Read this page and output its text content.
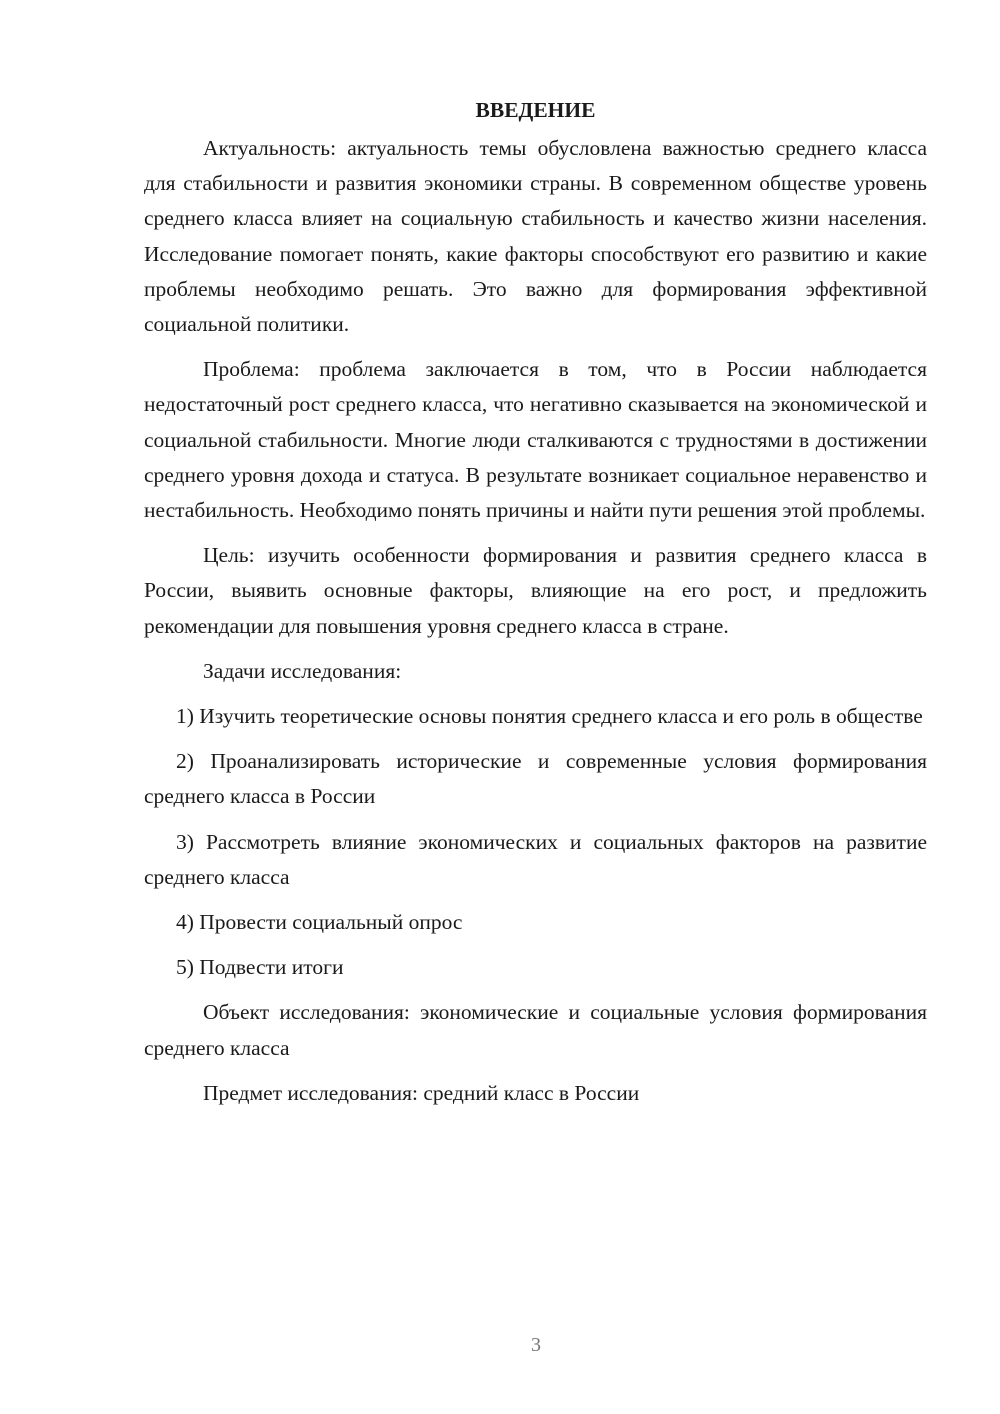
ВВЕДЕНИЕ

Актуальность: актуальность темы обусловлена важностью среднего класса для стабильности и развития экономики страны. В современном обществе уровень среднего класса влияет на социальную стабильность и качество жизни населения. Исследование помогает понять, какие факторы способствуют его развитию и какие проблемы необходимо решать. Это важно для формирования эффективной социальной политики.

Проблема: проблема заключается в том, что в России наблюдается недостаточный рост среднего класса, что негативно сказывается на экономической и социальной стабильности. Многие люди сталкиваются с трудностями в достижении среднего уровня дохода и статуса. В результате возникает социальное неравенство и нестабильность. Необходимо понять причины и найти пути решения этой проблемы.

Цель: изучить особенности формирования и развития среднего класса в России, выявить основные факторы, влияющие на его рост, и предложить рекомендации для повышения уровня среднего класса в стране.

Задачи исследования:

1) Изучить теоретические основы понятия среднего класса и его роль в обществе

2) Проанализировать исторические и современные условия формирования среднего класса в России

3) Рассмотреть влияние экономических и социальных факторов на развитие среднего класса

4) Провести социальный опрос

5) Подвести итоги

Объект исследования: экономические и социальные условия формирования среднего класса

Предмет исследования: средний класс в России

3
